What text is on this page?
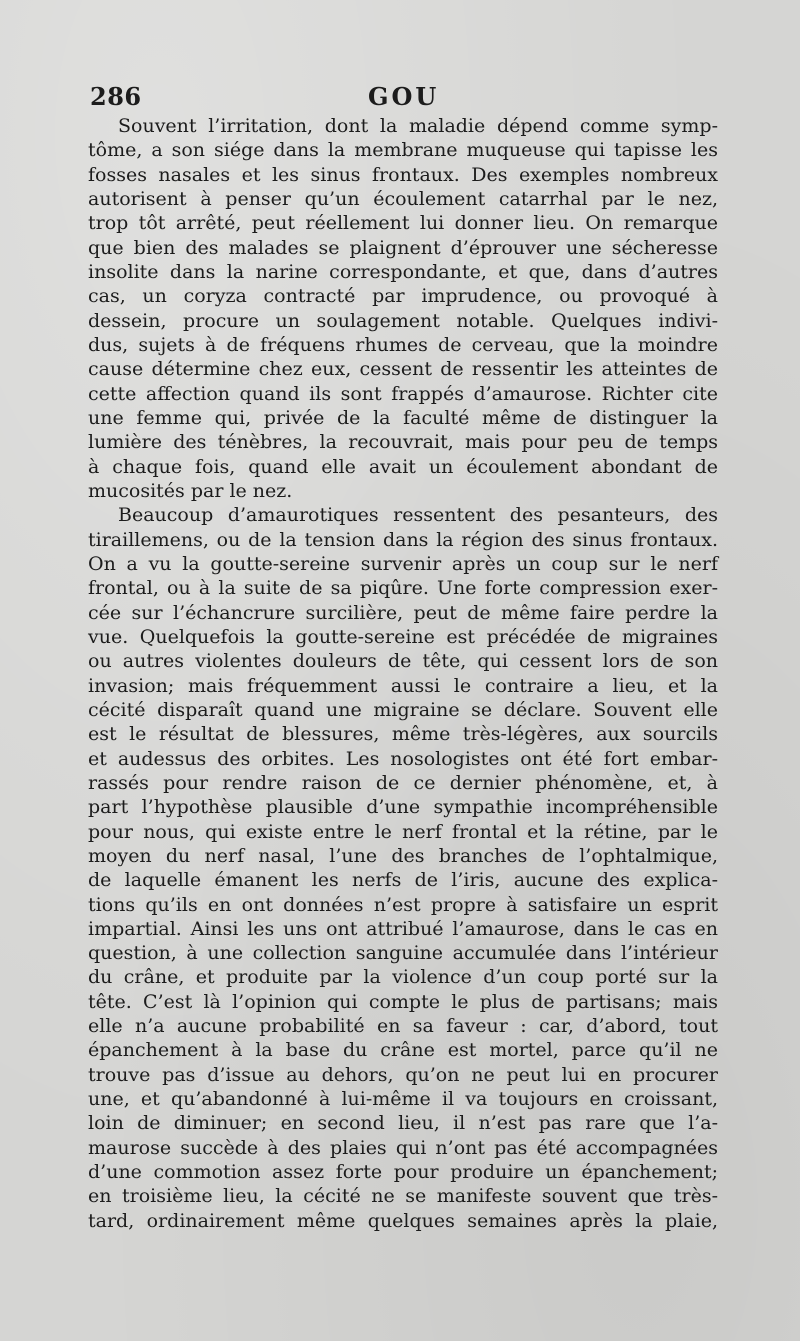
286	GOU
Souvent l’irritation, dont la maladie dépend comme symp-
tôme, a son siége dans la membrane muqueuse qui tapisse les
fosses nasales et les sinus frontaux. Des exemples nombreux
autorisent à penser qu’un écoulement catarrhal par le nez,
trop tôt arrêté, peut réellement lui donner lieu. On remarque
que bien des malades se plaignent d’éprouver une sécheresse
insolite dans la narine correspondante, et que, dans d’autres
cas, un coryza contracté par imprudence, ou provoqué à
dessein, procure un soulagement notable. Quelques indivi-
dus, sujets à de fréquens rhumes de cerveau, que la moindre
cause détermine chez eux, cessent de ressentir les atteintes de
cette affection quand ils sont frappés d’amaurose. Richter cite
une femme qui, privée de la faculté même de distinguer la
lumière des ténèbres, la recouvrait, mais pour peu de temps
à chaque fois, quand elle avait un écoulement abondant de
mucosités par le nez.
Beaucoup d’amaurotiques ressentent des pesanteurs, des
tiraillemens, ou de la tension dans la région des sinus frontaux.
On a vu la goutte-sereine survenir après un coup sur le nerf
frontal, ou à la suite de sa piqûre. Une forte compression exer-
cée sur l’échancrure surcilière, peut de même faire perdre la
vue. Quelquefois la goutte-sereine est précédée de migraines
ou autres violentes douleurs de tête, qui cessent lors de son
invasion; mais fréquemment aussi le contraire a lieu, et la
cécité disparaît quand une migraine se déclare. Souvent elle
est le résultat de blessures, même très-légères, aux sourcils
et audessus des orbites. Les nosologistes ont été fort embar-
rassés pour rendre raison de ce dernier phénomène, et, à
part l’hypothèse plausible d’une sympathie incompréhensible
pour nous, qui existe entre le nerf frontal et la rétine, par le
moyen du nerf nasal, l’une des branches de l’ophtalmique,
de laquelle émanent les nerfs de l’iris, aucune des explica-
tions qu’ils en ont données n’est propre à satisfaire un esprit
impartial. Ainsi les uns ont attribué l’amaurose, dans le cas en
question, à une collection sanguine accumulée dans l’intérieur
du crâne, et produite par la violence d’un coup porté sur la
tête. C’est là l’opinion qui compte le plus de partisans; mais
elle n’a aucune probabilité en sa faveur : car, d’abord, tout
épanchement à la base du crâne est mortel, parce qu’il ne
trouve pas d’issue au dehors, qu’on ne peut lui en procurer
une, et qu’abandonné à lui-même il va toujours en croissant,
loin de diminuer; en second lieu, il n’est pas rare que l’a-
maurose succède à des plaies qui n’ont pas été accompagnées
d’une commotion assez forte pour produire un épanchement;
en troisième lieu, la cécité ne se manifeste souvent que très-
tard, ordinairement même quelques semaines après la plaie,
